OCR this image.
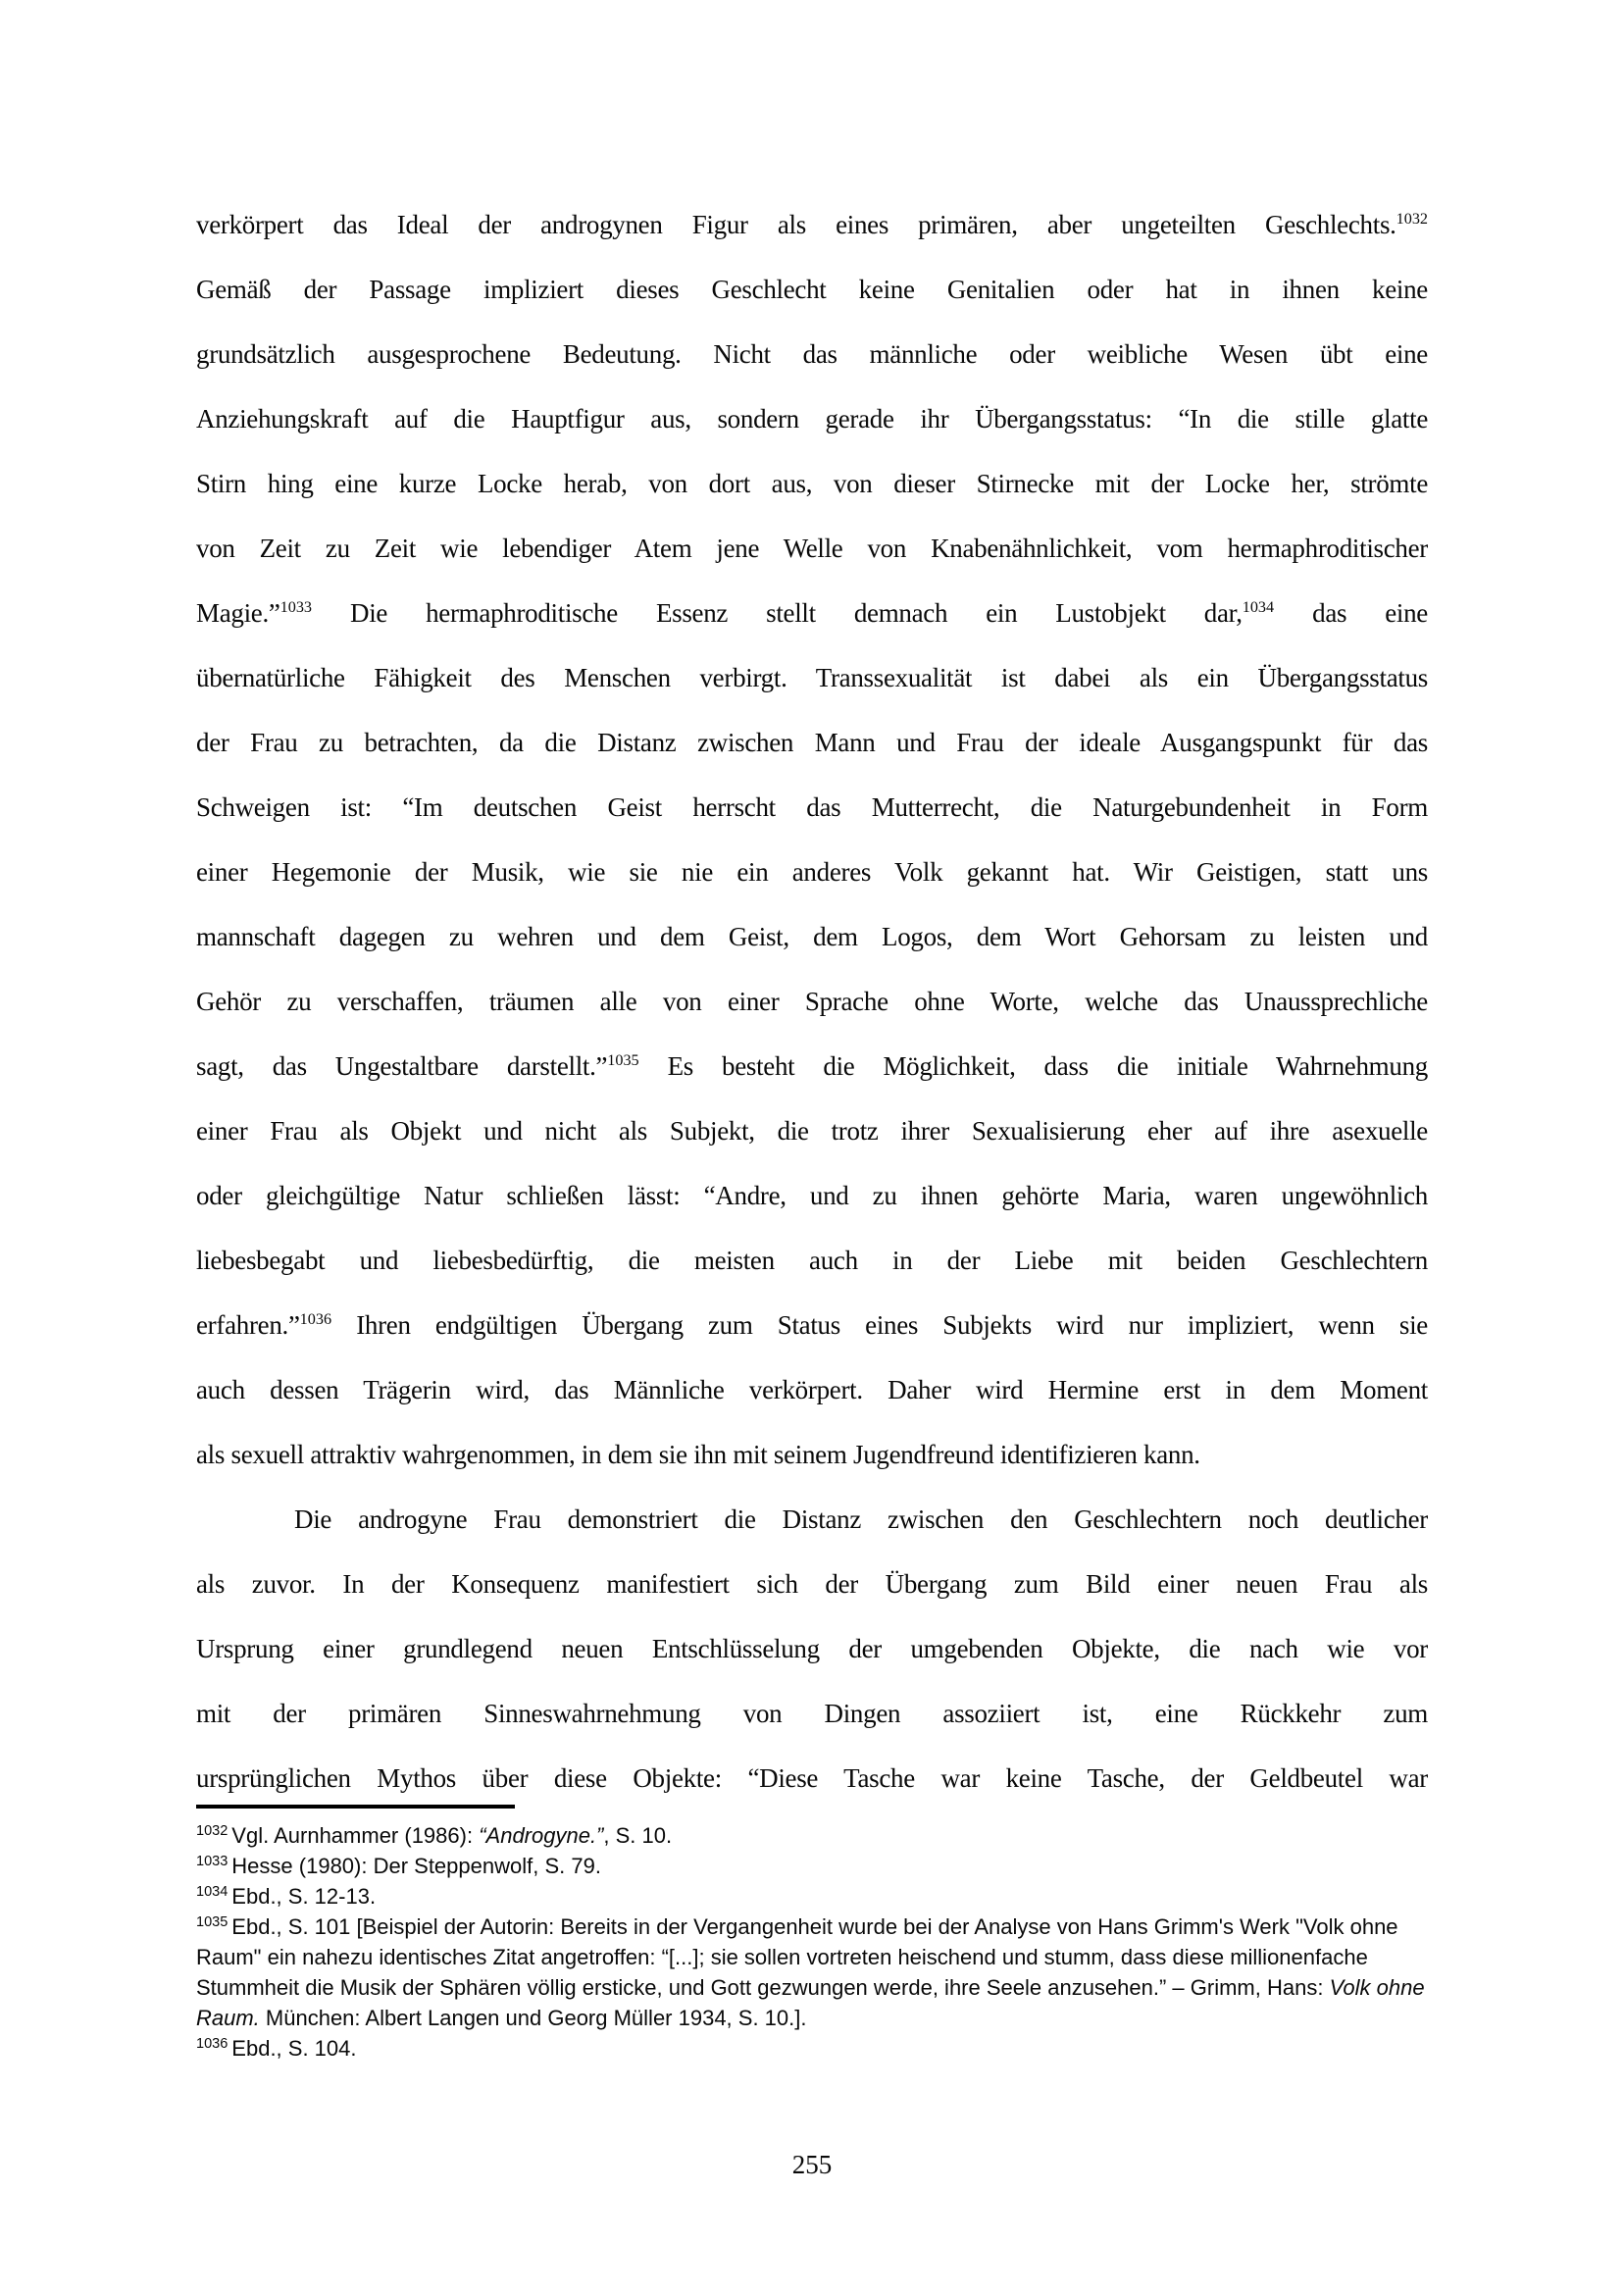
verkörpert das Ideal der androgynen Figur als eines primären, aber ungeteilten Geschlechts.$^{1032}$
Gemäß der Passage impliziert dieses Geschlecht keine Genitalien oder hat in ihnen keine
grundsätzlich ausgesprochene Bedeutung. Nicht das männliche oder weibliche Wesen übt eine
Anziehungskraft auf die Hauptfigur aus, sondern gerade ihr Übergangsstatus: “In die stille glatte
Stirn hing eine kurze Locke herab, von dort aus, von dieser Stirnecke mit der Locke her, strömte
von Zeit zu Zeit wie lebendiger Atem jene Welle von Knabenähnlichkeit, vom hermaphroditischer
Magie.”$^{1033}$ Die hermaphroditische Essenz stellt demnach ein Lustobjekt dar,$^{1034}$ das eine
übernatürliche Fähigkeit des Menschen verbirgt. Transsexualität ist dabei als ein Übergangsstatus
der Frau zu betrachten, da die Distanz zwischen Mann und Frau der ideale Ausgangspunkt für das
Schweigen ist: “Im deutschen Geist herrscht das Mutterrecht, die Naturgebundenheit in Form
einer Hegemonie der Musik, wie sie nie ein anderes Volk gekannt hat. Wir Geistigen, statt uns
mannschaft dagegen zu wehren und dem Geist, dem Logos, dem Wort Gehorsam zu leisten und
Gehör zu verschaffen, träumen alle von einer Sprache ohne Worte, welche das Unaussprechliche
sagt, das Ungestaltbare darstellt.”$^{1035}$ Es besteht die Möglichkeit, dass die initiale Wahrnehmung
einer Frau als Objekt und nicht als Subjekt, die trotz ihrer Sexualisierung eher auf ihre asexuelle
oder gleichgültige Natur schließen lässt: “Andre, und zu ihnen gehörte Maria, waren ungewöhnlich
liebesbegabt und liebesbedürftig, die meisten auch in der Liebe mit beiden Geschlechtern
erfahren.”$^{1036}$ Ihren endgültigen Übergang zum Status eines Subjekts wird nur impliziert, wenn sie
auch dessen Trägerin wird, das Männliche verkörpert. Daher wird Hermine erst in dem Moment
als sexuell attraktiv wahrgenommen, in dem sie ihn mit seinem Jugendfreund identifizieren kann.
Die androgyne Frau demonstriert die Distanz zwischen den Geschlechtern noch deutlicher
als zuvor. In der Konsequenz manifestiert sich der Übergang zum Bild einer neuen Frau als
Ursprung einer grundlegend neuen Entschlüsselung der umgebenden Objekte, die nach wie vor
mit der primären Sinneswahrnehmung von Dingen assoziiert ist, eine Rückkehr zum
ursprünglichen Mythos über diese Objekte: “Diese Tasche war keine Tasche, der Geldbeutel war
$^{1032}$ Vgl. Aurnhammer (1986): “Androgyne.”, S. 10.
$^{1033}$ Hesse (1980): Der Steppenwolf, S. 79.
$^{1034}$ Ebd., S. 12-13.
$^{1035}$ Ebd., S. 101 [Beispiel der Autorin: Bereits in der Vergangenheit wurde bei der Analyse von Hans Grimm's Werk "Volk ohne Raum" ein nahezu identisches Zitat angetroffen: “[...]; sie sollen vortreten heischend und stumm, dass diese millionenfache Stummheit die Musik der Sphären völlig ersticke, und Gott gezwungen werde, ihre Seele anzusehen.” – Grimm, Hans: Volk ohne Raum. München: Albert Langen und Georg Müller 1934, S. 10.].
$^{1036}$ Ebd., S. 104.
255
